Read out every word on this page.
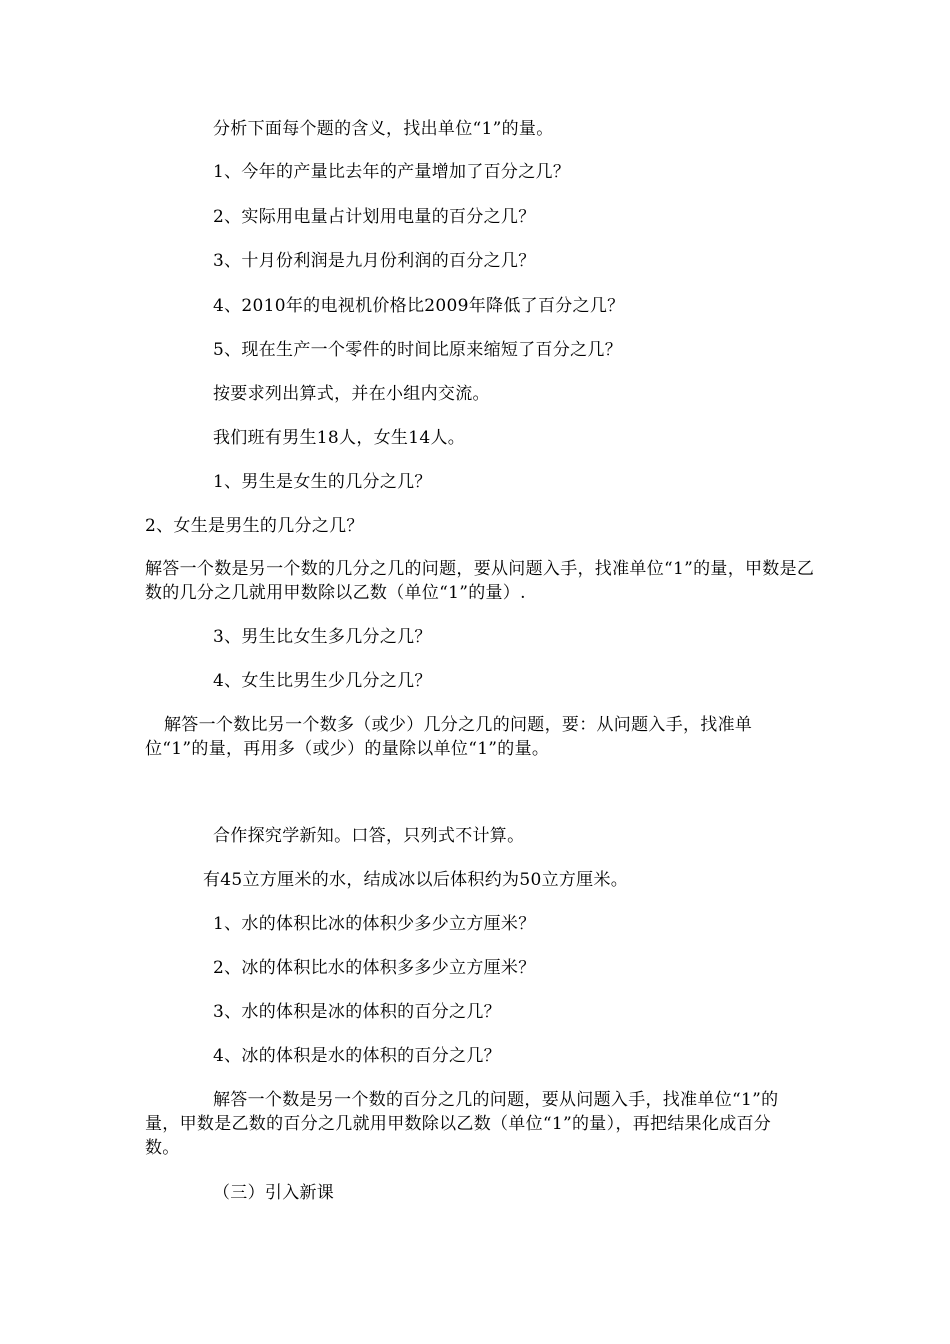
分析下面每个题的含义，找出单位“1”的量。
1、今年的产量比去年的产量增加了百分之几？
2、实际用电量占计划用电量的百分之几？
3、十月份利润是九月份利润的百分之几？
4、2010年的电视机价格比2009年降低了百分之几？
5、现在生产一个零件的时间比原来缩短了百分之几？
按要求列出算式，并在小组内交流。
我们班有男生18人，女生14人。
1、男生是女生的几分之几？
2、女生是男生的几分之几？
解答一个数是另一个数的几分之几的问题，要从问题入手，找准单位“1”的量，甲数是乙数的几分之几就用甲数除以乙数（单位“1”的量）.
3、男生比女生多几分之几？
4、女生比男生少几分之几？
解答一个数比另一个数多（或少）几分之几的问题，要：从问题入手，找准单位“1”的量，再用多（或少）的量除以单位“1”的量。
合作探究学新知。口答，只列式不计算。
有45立方厘米的水，结成冰以后体积约为50立方厘米。
1、水的体积比冰的体积少多少立方厘米？
2、冰的体积比水的体积多多少立方厘米？
3、水的体积是冰的体积的百分之几？
4、冰的体积是水的体积的百分之几？
解答一个数是另一个数的百分之几的问题，要从问题入手，找准单位“1”的量，甲数是乙数的百分之几就用甲数除以乙数（单位“1”的量），再把结果化成百分数。
（三）引入新课
